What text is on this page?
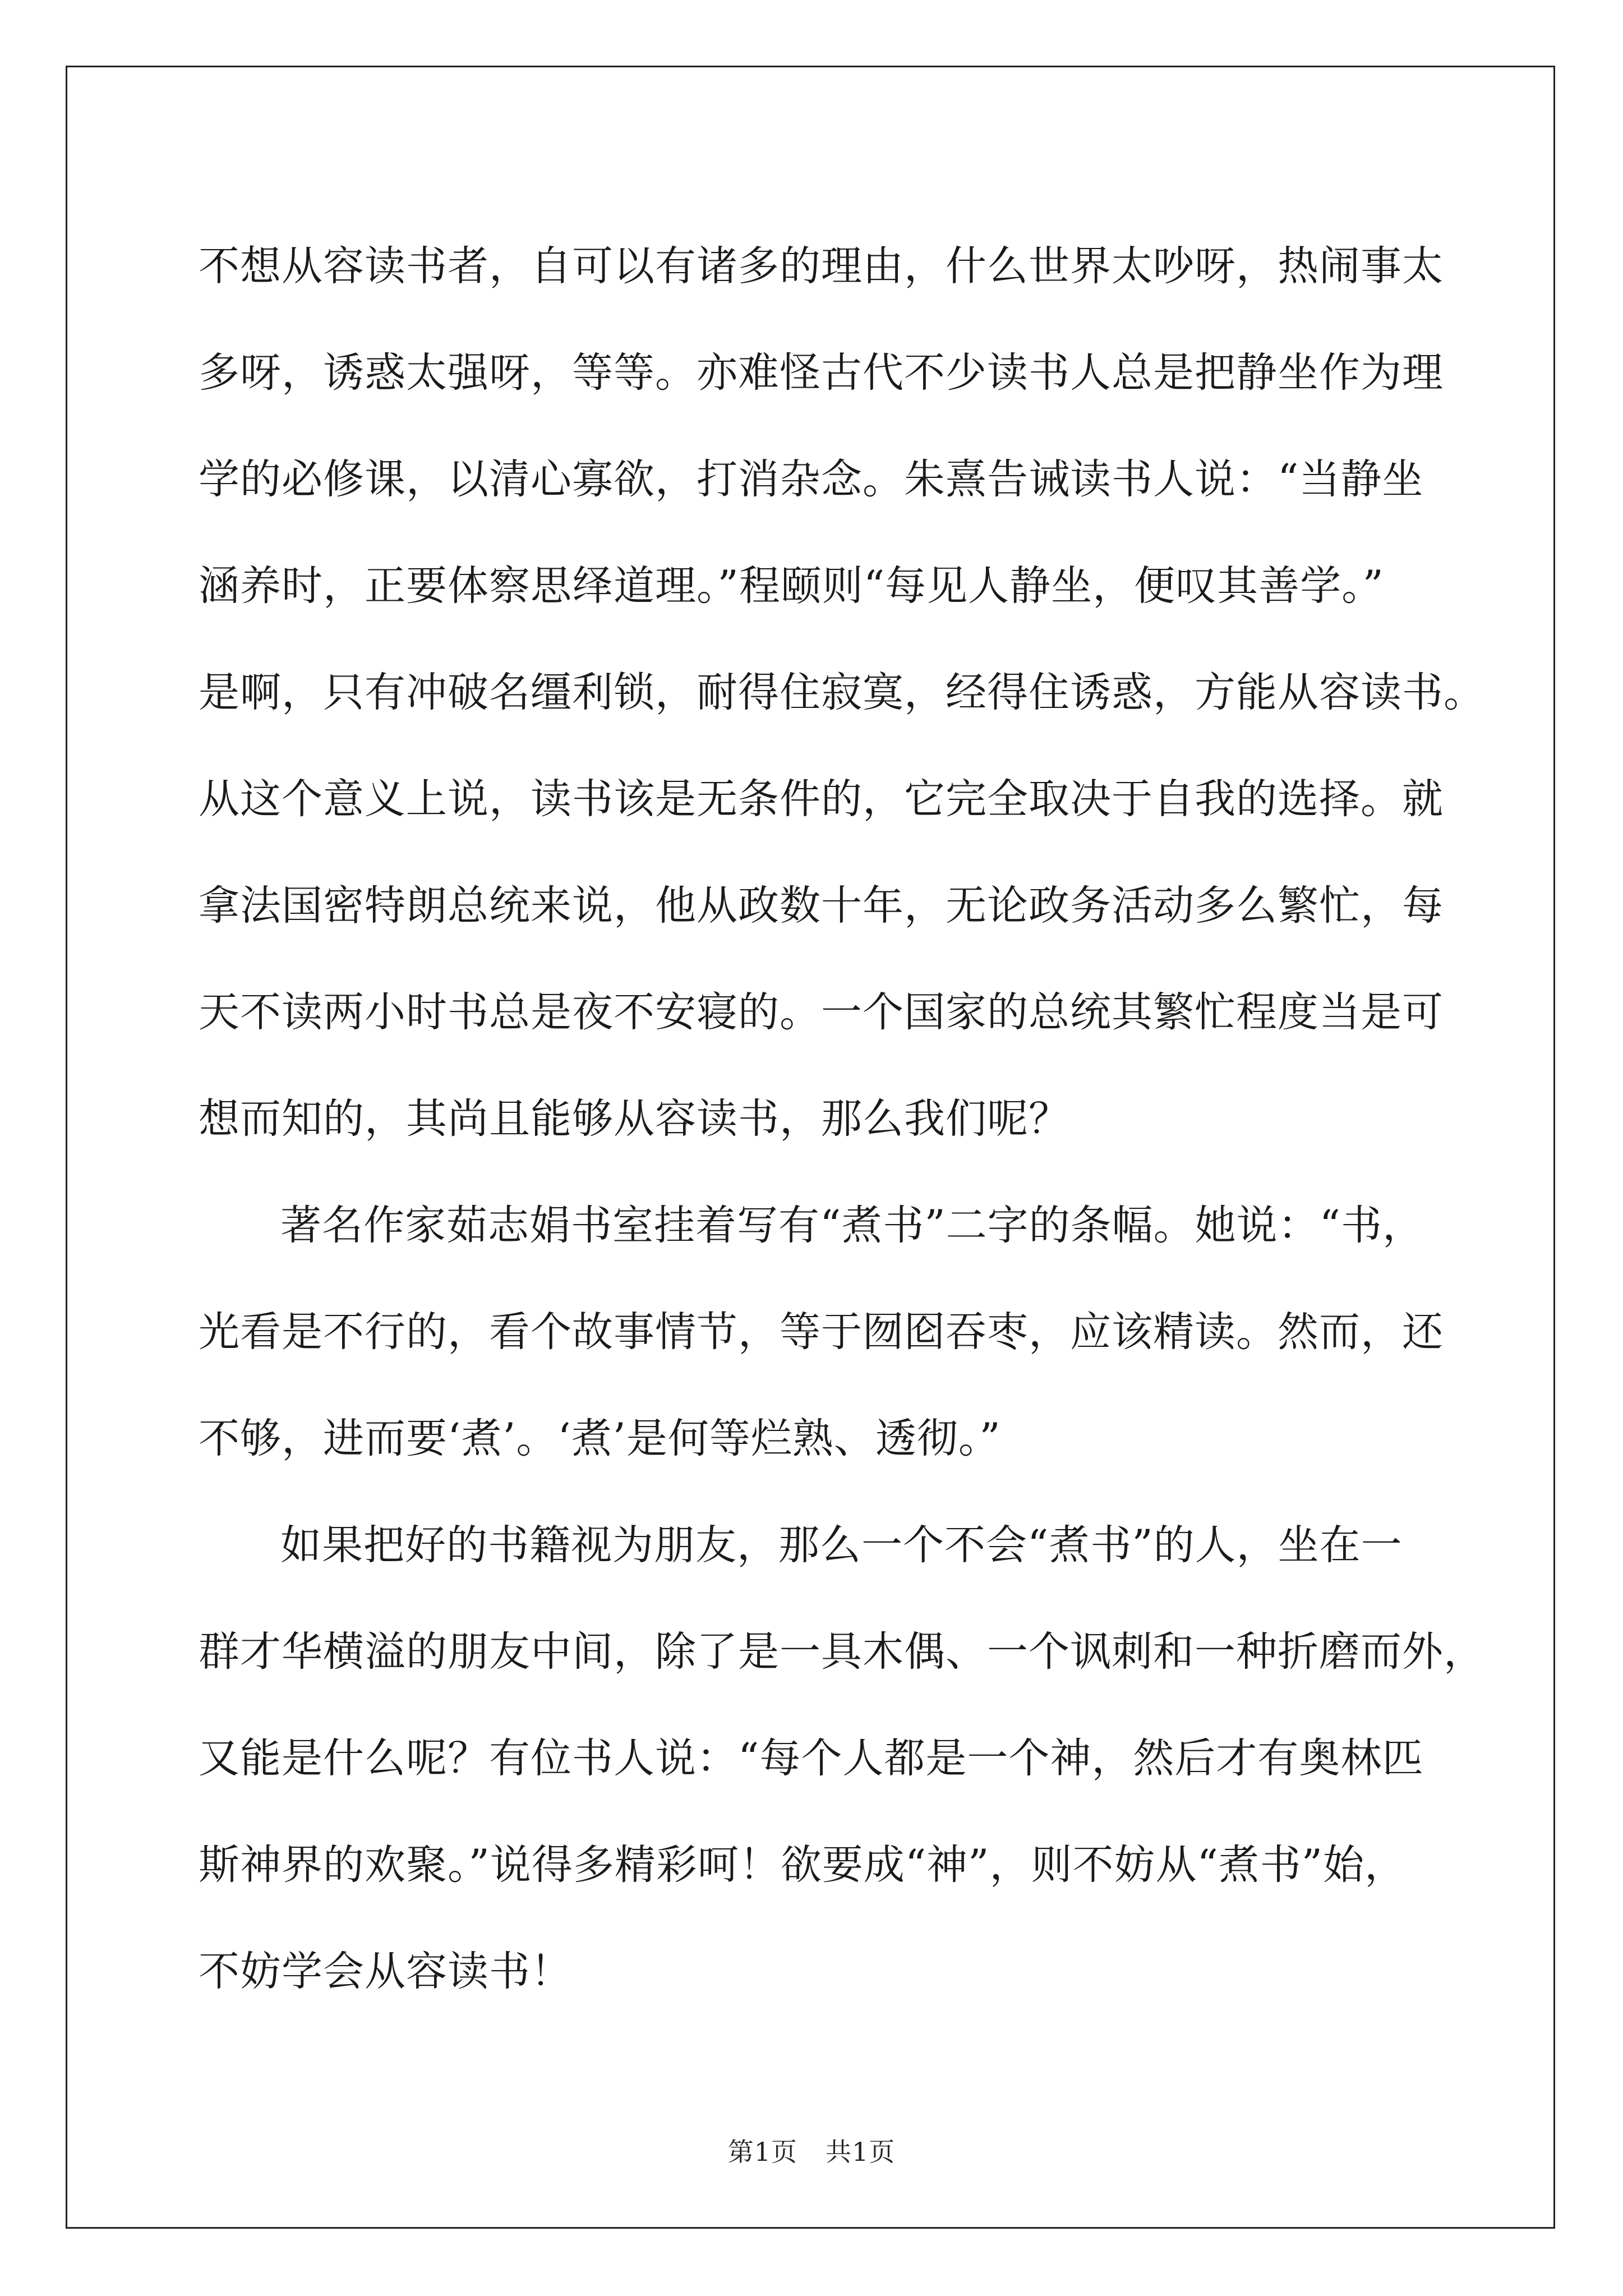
不想从容读书者，自可以有诸多的理由，什么世界太吵呀，热闹事太
多呀，诱惑太强呀，等等。亦难怪古代不少读书人总是把静坐作为理
学的必修课，以清心寡欲，打消杂念。朱熹告诫读书人说：“当静坐
涵养时，正要体察思绎道理。”程颐则“每见人静坐，便叹其善学。”
是啊，只有冲破名缰利锁，耐得住寂寞，经得住诱惑，方能从容读书。
从这个意义上说，读书该是无条件的，它完全取决于自我的选择。就
拿法国密特朗总统来说，他从政数十年，无论政务活动多么繁忙，每
天不读两小时书总是夜不安寝的。一个国家的总统其繁忙程度当是可
想而知的，其尚且能够从容读书，那么我们呢？

著名作家茹志娟书室挂着写有“煮书”二字的条幅。她说：“书，
光看是不行的，看个故事情节，等于囫囵吞枣，应该精读。然而，还
不够，进而要‘煮’。‘煮’是何等烂熟、透彻。”

如果把好的书籍视为朋友，那么一个不会“煮书”的人，坐在一
群才华横溢的朋友中间，除了是一具木偶、一个讽刺和一种折磨而外，
又能是什么呢？有位书人说：“每个人都是一个神，然后才有奥林匹
斯神界的欢聚。”说得多精彩呵！欲要成“神”，则不妨从“煮书”始，
不妨学会从容读书！

第1页 共1页
